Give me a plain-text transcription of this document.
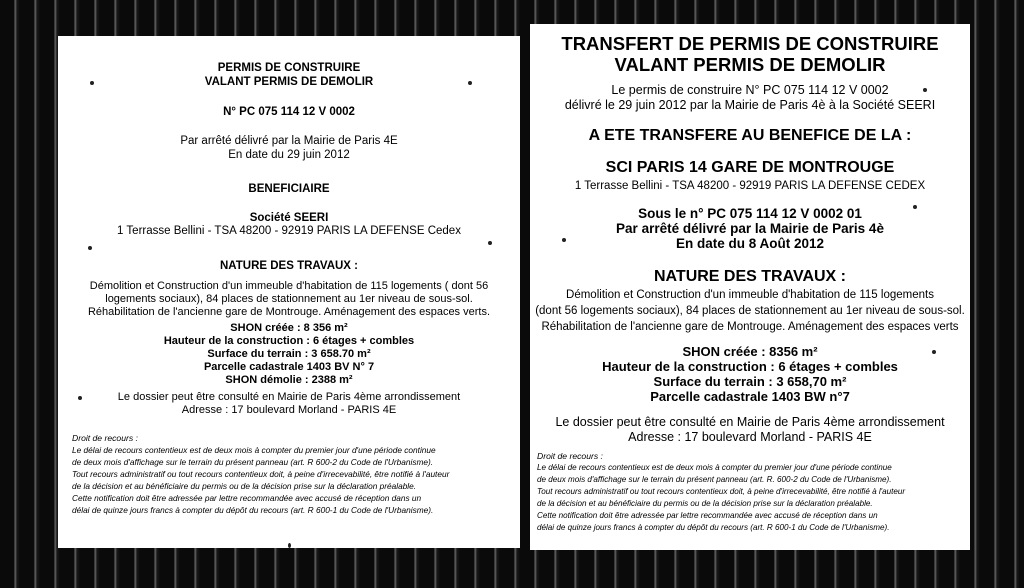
PERMIS DE CONSTRUIRE
VALANT PERMIS DE DEMOLIR
N° PC 075 114 12 V 0002
Par arrêté délivré par la Mairie de Paris 4E
En date du 29 juin 2012
BENEFICIAIRE
Société SEERI
1 Terrasse Bellini - TSA 48200 - 92919 PARIS LA DEFENSE Cedex
NATURE DES TRAVAUX :
Démolition et Construction d'un immeuble d'habitation de 115 logements ( dont 56
logements sociaux), 84 places de stationnement au 1er niveau de sous-sol.
Réhabilitation de l'ancienne gare de Montrouge. Aménagement des espaces verts.
SHON créée : 8 356 m²
Hauteur de la construction : 6 étages + combles
Surface du terrain : 3 658.70 m²
Parcelle cadastrale 1403 BV N° 7
SHON démolie : 2388 m²
Le dossier peut être consulté en Mairie de Paris 4ème arrondissement
Adresse : 17 boulevard Morland - PARIS 4E
Droit de recours :
Le délai de recours contentieux est de deux mois à compter du premier jour d'une période continue
de deux mois d'affichage sur le terrain du présent panneau (art. R 600-2 du Code de l'Urbanisme).
Tout recours administratif ou tout recours contentieux doit, à peine d'irrecevabilité, être notifié à l'auteur
de la décision et au bénéficiaire du permis ou de la décision prise sur la déclaration préalable.
Cette notification doit être adressée par lettre recommandée avec accusé de réception dans un
délai de quinze jours francs à compter du dépôt du recours (art. R 600-1 du Code de l'Urbanisme).
TRANSFERT DE PERMIS DE CONSTRUIRE
VALANT PERMIS DE DEMOLIR
Le permis de construire N° PC 075 114 12 V 0002
délivré le 29 juin 2012 par la Mairie de Paris 4è à la Société SEERI
A ETE TRANSFERE AU BENEFICE DE LA :
SCI PARIS 14 GARE DE MONTROUGE
1 Terrasse Bellini - TSA 48200 - 92919 PARIS LA DEFENSE CEDEX
Sous le n° PC 075 114 12 V 0002 01
Par arrêté délivré par la Mairie de Paris 4è
En date du 8 Août 2012
NATURE DES TRAVAUX :
Démolition et Construction d'un immeuble d'habitation de 115 logements
(dont 56 logements sociaux), 84 places de stationnement au 1er niveau de sous-sol.
Réhabilitation de l'ancienne gare de Montrouge. Aménagement des espaces verts
SHON créée : 8356 m²
Hauteur de la construction : 6 étages + combles
Surface du terrain : 3 658,70 m²
Parcelle cadastrale 1403 BW n°7
Le dossier peut être consulté en Mairie de Paris 4ème arrondissement
Adresse : 17 boulevard Morland - PARIS 4E
Droit de recours :
Le délai de recours contentieux est de deux mois à compter du premier jour d'une période continue
de deux mois d'affichage sur le terrain du présent panneau (art. R. 600-2 du Code de l'Urbanisme).
Tout recours administratif ou tout recours contentieux doit, à peine d'irrecevabilité, être notifié à l'auteur
de la décision et au bénéficiaire du permis ou de la décision prise sur la déclaration préalable.
Cette notification doit être adressée par lettre recommandée avec accusé de réception dans un
délai de quinze jours francs à compter du dépôt du recours (art. R 600-1 du Code de l'Urbanisme).
